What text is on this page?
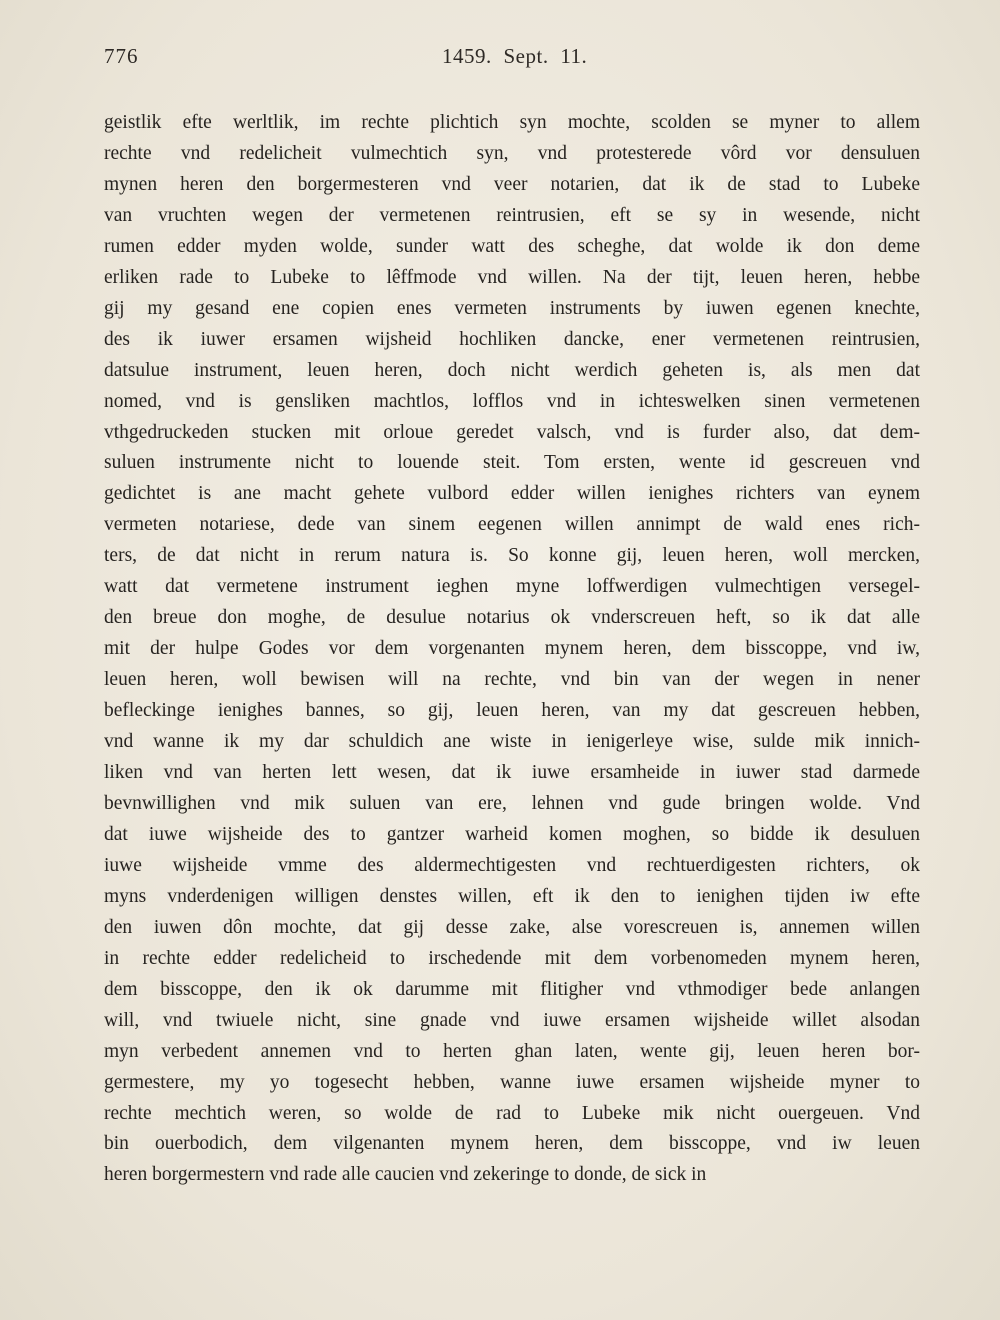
776	1459. Sept. 11.
geistlik efte werltlik, im rechte plichtich syn mochte, scolden se myner to allem
rechte vnd redelicheit vulmechtich syn, vnd protesterede vôrd vor densuluen
mynen heren den borgermesteren vnd veer notarien, dat ik de stad to Lubeke
van vruchten wegen der vermetenen reintrusien, eft se sy in wesende, nicht
rumen edder myden wolde, sunder watt des scheghe, dat wolde ik don deme
erliken rade to Lubeke to lêffmode vnd willen. Na der tijt, leuen heren, hebbe
gij my gesand ene copien enes vermeten instruments by iuwen egenen knechte,
des ik iuwer ersamen wijsheid hochliken dancke, ener vermetenen reintrusien,
datsulue instrument, leuen heren, doch nicht werdich geheten is, als men dat
nomed, vnd is gensliken machtlos, lofflos vnd in ichteswelken sinen vermetenen
vthgedruckeden stucken mit orloue geredet valsch, vnd is furder also, dat dem-
suluen instrumente nicht to louende steit. Tom ersten, wente id gescreuen vnd
gedichtet is ane macht gehete vulbord edder willen ienighes richters van eynem
vermeten notariese, dede van sinem eegenen willen annimpt de wald enes rich-
ters, de dat nicht in rerum natura is. So konne gij, leuen heren, woll mercken,
watt dat vermetene instrument ieghen myne loffwerdigen vulmechtigen versegel-
den breue don moghe, de desulue notarius ok vnderscreuen heft, so ik dat alle
mit der hulpe Godes vor dem vorgenanten mynem heren, dem bisscoppe, vnd iw,
leuen heren, woll bewisen will na rechte, vnd bin van der wegen in nener
befleckinge ienighes bannes, so gij, leuen heren, van my dat gescreuen hebben,
vnd wanne ik my dar schuldich ane wiste in ienigerleye wise, sulde mik innich-
liken vnd van herten lett wesen, dat ik iuwe ersamheide in iuwer stad darmede
bevnwillighen vnd mik suluen van ere, lehnen vnd gude bringen wolde. Vnd
dat iuwe wijsheide des to gantzer warheid komen moghen, so bidde ik desuluen
iuwe wijsheide vmme des aldermechtigesten vnd rechtuerdigesten richters, ok
myns vnderdenigen willigen denstes willen, eft ik den to ienighen tijden iw efte
den iuwen dôn mochte, dat gij desse zake, alse vorescreuen is, annemen willen
in rechte edder redelicheid to irschedende mit dem vorbenomeden mynem heren,
dem bisscoppe, den ik ok darumme mit flitigher vnd vthmodiger bede anlangen
will, vnd twiuele nicht, sine gnade vnd iuwe ersamen wijsheide willet alsodan
myn verbedent annemen vnd to herten ghan laten, wente gij, leuen heren bor-
germestere, my yo togesecht hebben, wanne iuwe ersamen wijsheide myner to
rechte mechtich weren, so wolde de rad to Lubeke mik nicht ouergeuen. Vnd
bin ouerbodich, dem vilgenanten mynem heren, dem bisscoppe, vnd iw leuen
heren borgermestern vnd rade alle caucien vnd zekeringe to donde, de sick in
